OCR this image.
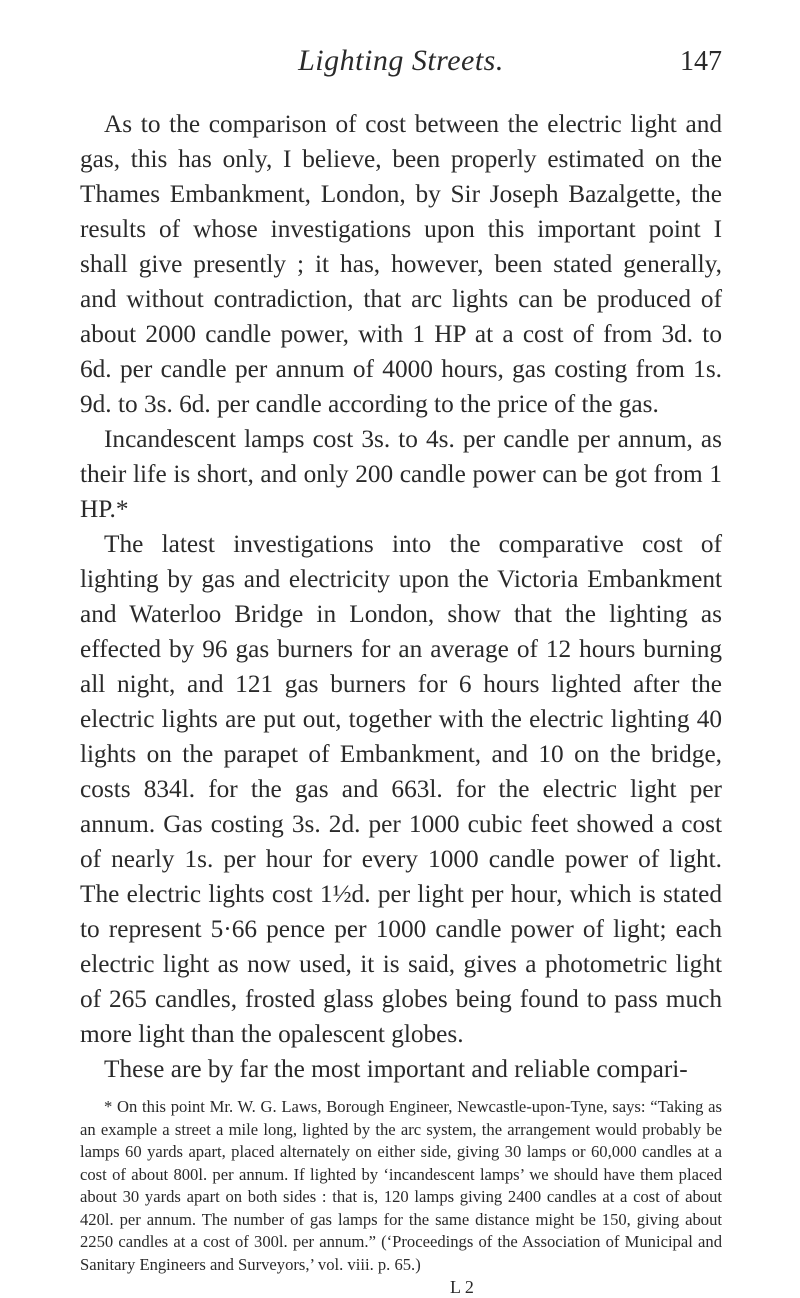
Lighting Streets.	147

As to the comparison of cost between the electric light and gas, this has only, I believe, been properly estimated on the Thames Embankment, London, by Sir Joseph Bazalgette, the results of whose investigations upon this important point I shall give presently ; it has, however, been stated generally, and without contradiction, that arc lights can be produced of about 2000 candle power, with 1 HP at a cost of from 3d. to 6d. per candle per annum of 4000 hours, gas costing from 1s. 9d. to 3s. 6d. per candle according to the price of the gas.

Incandescent lamps cost 3s. to 4s. per candle per annum, as their life is short, and only 200 candle power can be got from 1 HP.*

The latest investigations into the comparative cost of lighting by gas and electricity upon the Victoria Embankment and Waterloo Bridge in London, show that the lighting as effected by 96 gas burners for an average of 12 hours burning all night, and 121 gas burners for 6 hours lighted after the electric lights are put out, together with the electric lighting 40 lights on the parapet of Embankment, and 10 on the bridge, costs 834l. for the gas and 663l. for the electric light per annum. Gas costing 3s. 2d. per 1000 cubic feet showed a cost of nearly 1s. per hour for every 1000 candle power of light. The electric lights cost 1½d. per light per hour, which is stated to represent 5·66 pence per 1000 candle power of light; each electric light as now used, it is said, gives a photometric light of 265 candles, frosted glass globes being found to pass much more light than the opalescent globes.

These are by far the most important and reliable compari-

* On this point Mr. W. G. Laws, Borough Engineer, Newcastle-upon-Tyne, says: “Taking as an example a street a mile long, lighted by the arc system, the arrangement would probably be lamps 60 yards apart, placed alternately on either side, giving 30 lamps or 60,000 candles at a cost of about 800l. per annum. If lighted by ‘incandescent lamps’ we should have them placed about 30 yards apart on both sides : that is, 120 lamps giving 2400 candles at a cost of about 420l. per annum. The number of gas lamps for the same distance might be 150, giving about 2250 candles at a cost of 300l. per annum.” (‘Proceedings of the Association of Municipal and Sanitary Engineers and Surveyors,’ vol. viii. p. 65.)

L 2
